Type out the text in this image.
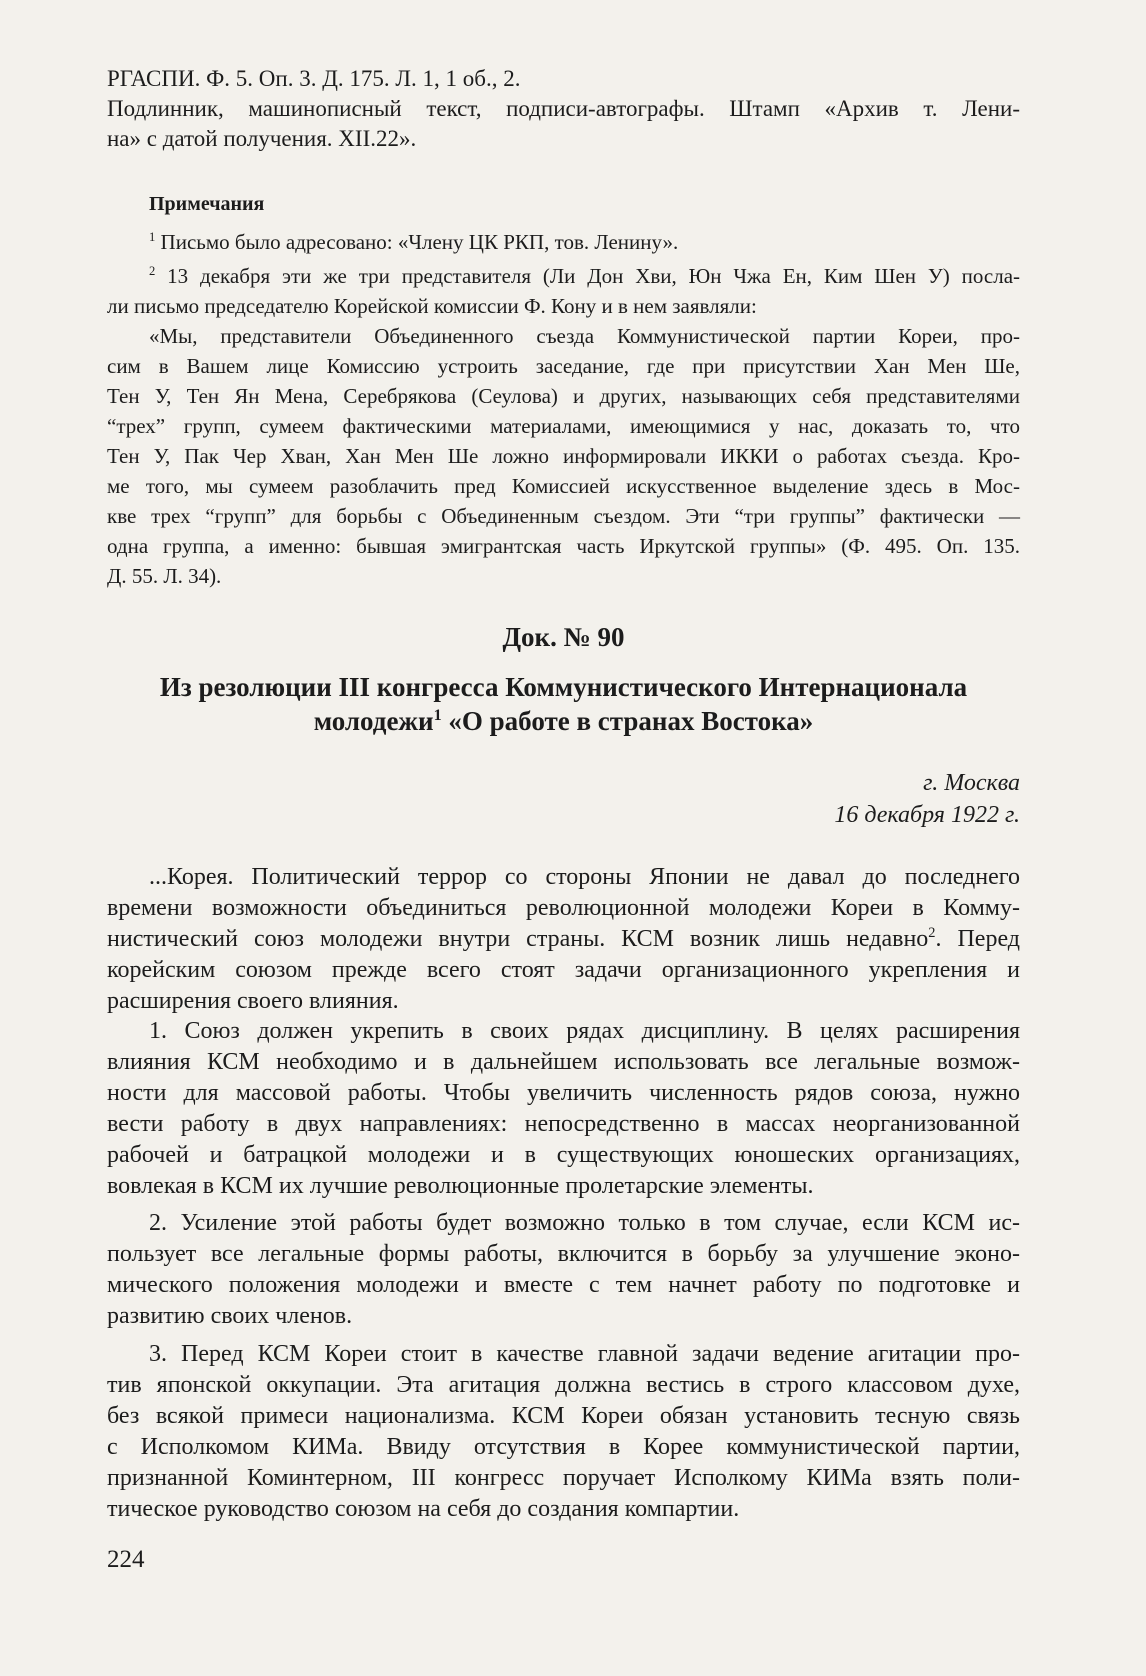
РГАСПИ. Ф. 5. Оп. 3. Д. 175. Л. 1, 1 об., 2.
Подлинник, машинописный текст, подписи-автографы. Штамп «Архив т. Лени-
на» с датой получения. XII.22».
Примечания
$^1$ Письмо было адресовано: «Члену ЦК РКП, тов. Ленину».
$^2$ 13 декабря эти же три представителя (Ли Дон Хви, Юн Чжа Ен, Ким Шен У) посла-
ли письмо председателю Корейской комиссии Ф. Кону и в нем заявляли:
«Мы, представители Объединенного съезда Коммунистической партии Кореи, про-
сим в Вашем лице Комиссию устроить заседание, где при присутствии Хан Мен Ше,
Тен У, Тен Ян Мена, Серебрякова (Сеулова) и других, называющих себя представителями
“трех” групп, сумеем фактическими материалами, имеющимися у нас, доказать то, что
Тен У, Пак Чер Хван, Хан Мен Ше ложно информировали ИККИ о работах съезда. Кро-
ме того, мы сумеем разоблачить пред Комиссией искусственное выделение здесь в Мос-
кве трех “групп” для борьбы с Объединенным съездом. Эти “три группы” фактически —
одна группа, а именно: бывшая эмигрантская часть Иркутской группы» (Ф. 495. Оп. 135.
Д. 55. Л. 34).
Док. № 90
Из резолюции III конгресса Коммунистического Интернационала
молодежи$^1$ «О работе в странах Востока»
г. Москва
16 декабря 1922 г.
...Корея. Политический террор со стороны Японии не давал до последнего
времени возможности объединиться революционной молодежи Кореи в Комму-
нистический союз молодежи внутри страны. КСМ возник лишь недавно$^2$. Перед
корейским союзом прежде всего стоят задачи организационного укрепления и
расширения своего влияния.
1. Союз должен укрепить в своих рядах дисциплину. В целях расширения
влияния КСМ необходимо и в дальнейшем использовать все легальные возмож-
ности для массовой работы. Чтобы увеличить численность рядов союза, нужно
вести работу в двух направлениях: непосредственно в массах неорганизованной
рабочей и батрацкой молодежи и в существующих юношеских организациях,
вовлекая в КСМ их лучшие революционные пролетарские элементы.
2. Усиление этой работы будет возможно только в том случае, если КСМ ис-
пользует все легальные формы работы, включится в борьбу за улучшение эконо-
мического положения молодежи и вместе с тем начнет работу по подготовке и
развитию своих членов.
3. Перед КСМ Кореи стоит в качестве главной задачи ведение агитации про-
тив японской оккупации. Эта агитация должна вестись в строго классовом духе,
без всякой примеси национализма. КСМ Кореи обязан установить тесную связь
с Исполкомом КИМа. Ввиду отсутствия в Корее коммунистической партии,
признанной Коминтерном, III конгресс поручает Исполкому КИМа взять поли-
тическое руководство союзом на себя до создания компартии.
224
